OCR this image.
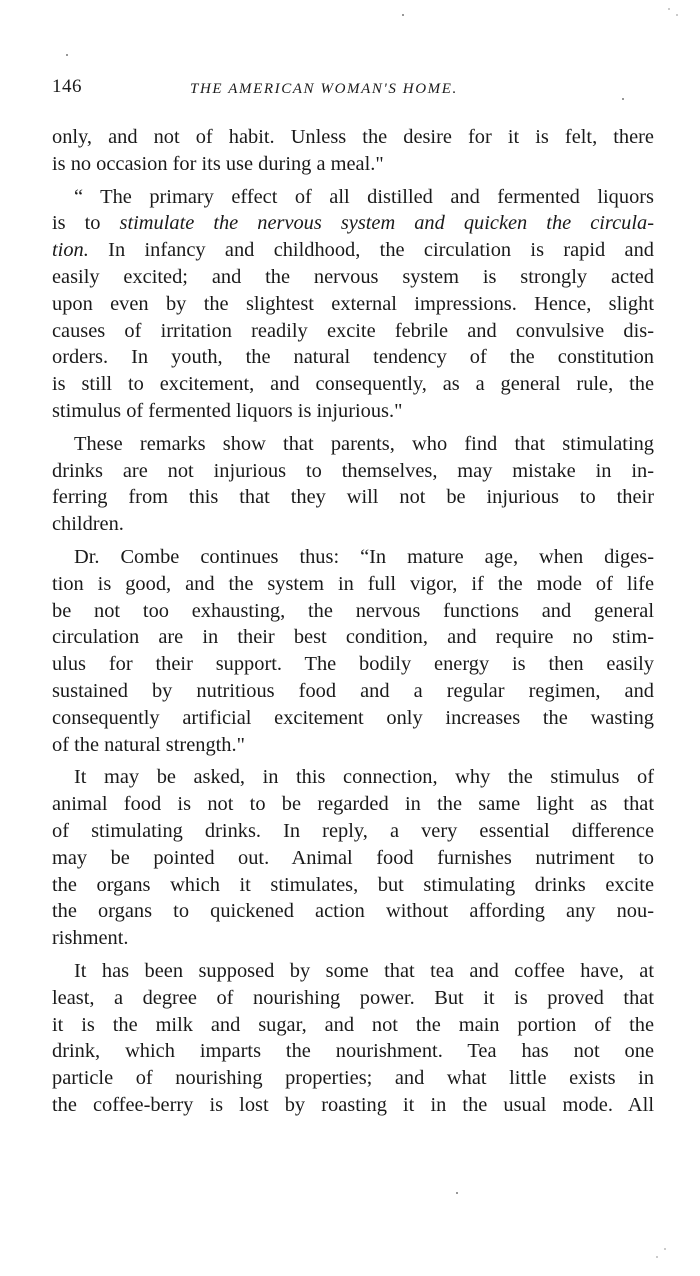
146	THE AMERICAN WOMAN'S HOME.

only, and not of habit. Unless the desire for it is felt, there
is no occasion for its use during a meal."

“ The primary effect of all distilled and fermented liquors
is to stimulate the nervous system and quicken the circula-
tion. In infancy and childhood, the circulation is rapid and
easily excited; and the nervous system is strongly acted
upon even by the slightest external impressions. Hence, slight
causes of irritation readily excite febrile and convulsive dis-
orders. In youth, the natural tendency of the constitution
is still to excitement, and consequently, as a general rule, the
stimulus of fermented liquors is injurious."

These remarks show that parents, who find that stimulating
drinks are not injurious to themselves, may mistake in in-
ferring from this that they will not be injurious to their
children.

Dr. Combe continues thus: “In mature age, when diges-
tion is good, and the system in full vigor, if the mode of life
be not too exhausting, the nervous functions and general
circulation are in their best condition, and require no stim-
ulus for their support. The bodily energy is then easily
sustained by nutritious food and a regular regimen, and
consequently artificial excitement only increases the wasting
of the natural strength."

It may be asked, in this connection, why the stimulus of
animal food is not to be regarded in the same light as that
of stimulating drinks. In reply, a very essential difference
may be pointed out. Animal food furnishes nutriment to
the organs which it stimulates, but stimulating drinks excite
the organs to quickened action without affording any nou-
rishment.

It has been supposed by some that tea and coffee have, at
least, a degree of nourishing power. But it is proved that
it is the milk and sugar, and not the main portion of the
drink, which imparts the nourishment. Tea has not one
particle of nourishing properties; and what little exists in
the coffee-berry is lost by roasting it in the usual mode. All
